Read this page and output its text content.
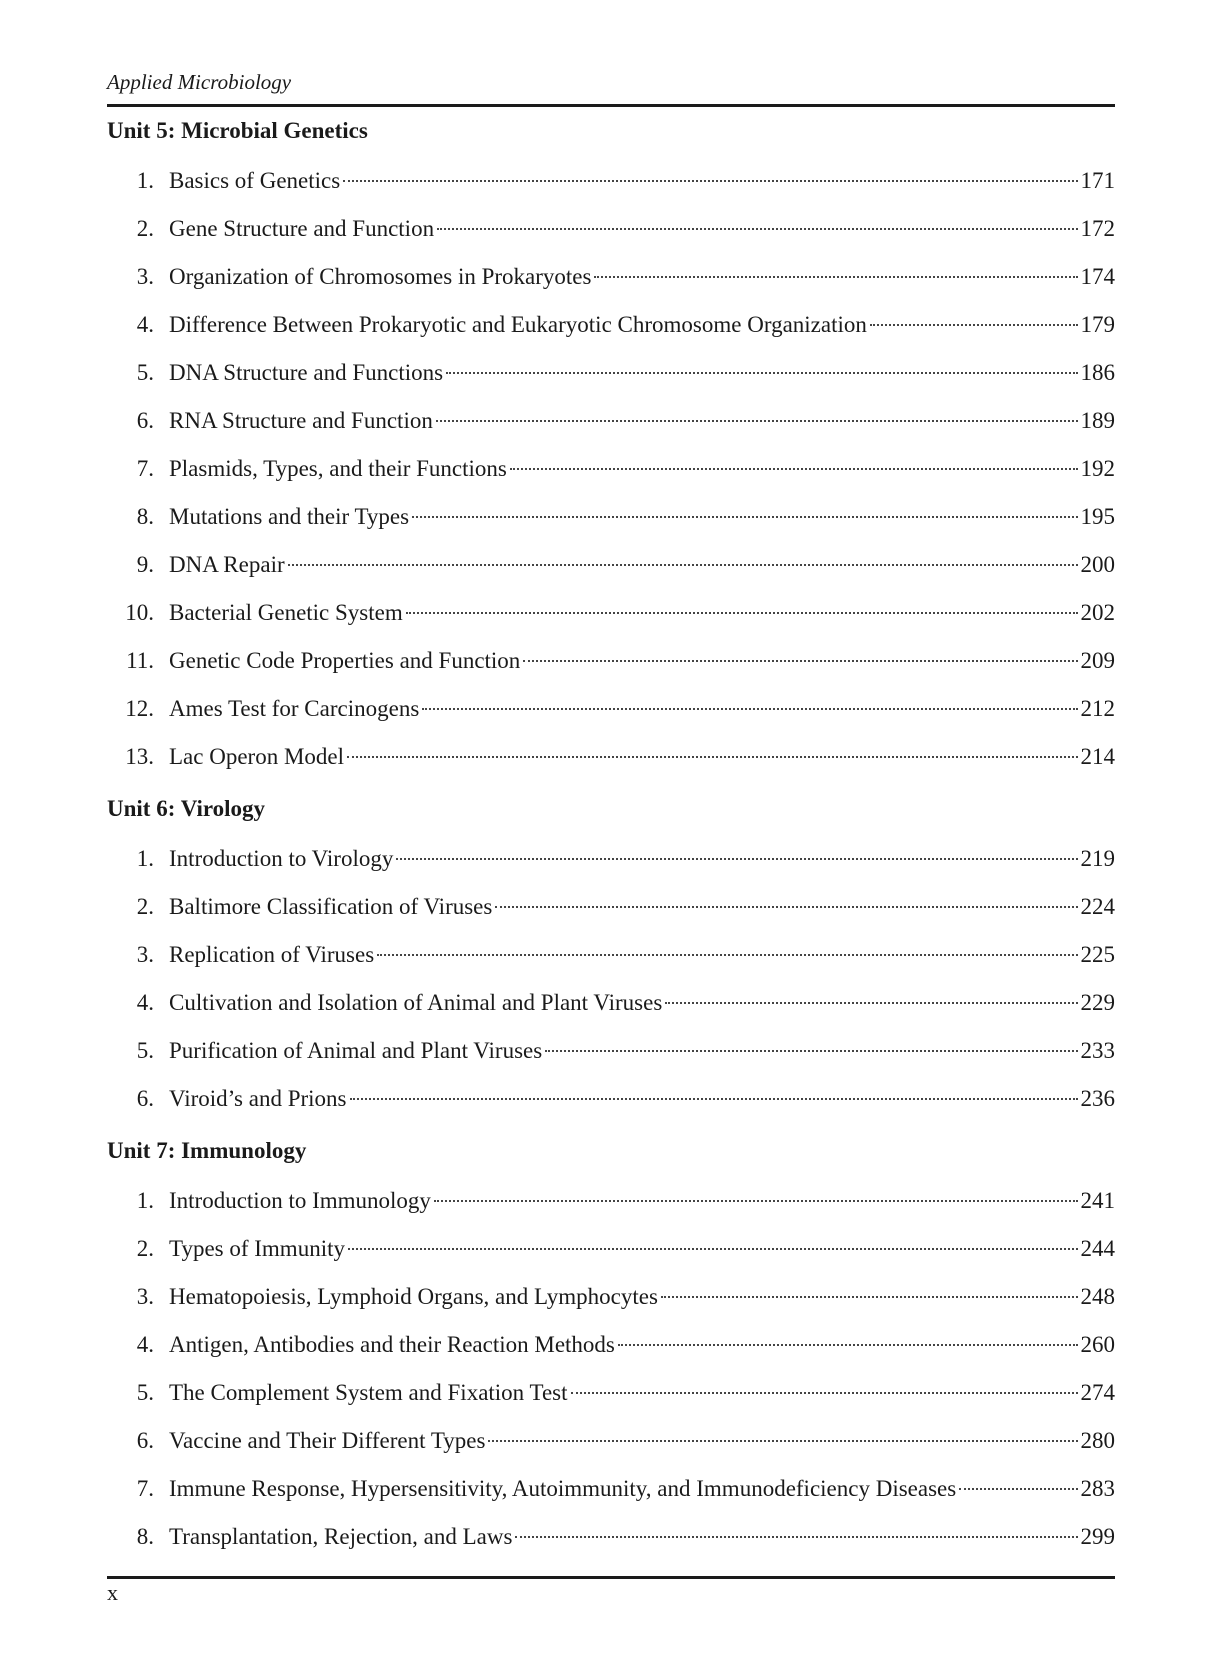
Applied Microbiology
Unit 5: Microbial Genetics
1. Basics of Genetics	171
2. Gene Structure and Function	172
3. Organization of Chromosomes in Prokaryotes	174
4. Difference Between Prokaryotic and Eukaryotic Chromosome Organization	179
5. DNA Structure and Functions	186
6. RNA Structure and Function	189
7. Plasmids, Types, and their Functions	192
8. Mutations and their Types	195
9. DNA Repair	200
10. Bacterial Genetic System	202
11. Genetic Code Properties and Function	209
12. Ames Test for Carcinogens	212
13. Lac Operon Model	214
Unit 6: Virology
1. Introduction to Virology	219
2. Baltimore Classification of Viruses	224
3. Replication of Viruses	225
4. Cultivation and Isolation of Animal and Plant Viruses	229
5. Purification of Animal and Plant Viruses	233
6. Viroid’s and Prions	236
Unit 7: Immunology
1. Introduction to Immunology	241
2. Types of Immunity	244
3. Hematopoiesis, Lymphoid Organs, and Lymphocytes	248
4. Antigen, Antibodies and their Reaction Methods	260
5. The Complement System and Fixation Test	274
6. Vaccine and Their Different Types	280
7. Immune Response, Hypersensitivity, Autoimmunity, and Immunodeficiency Diseases	283
8. Transplantation, Rejection, and Laws	299
x
